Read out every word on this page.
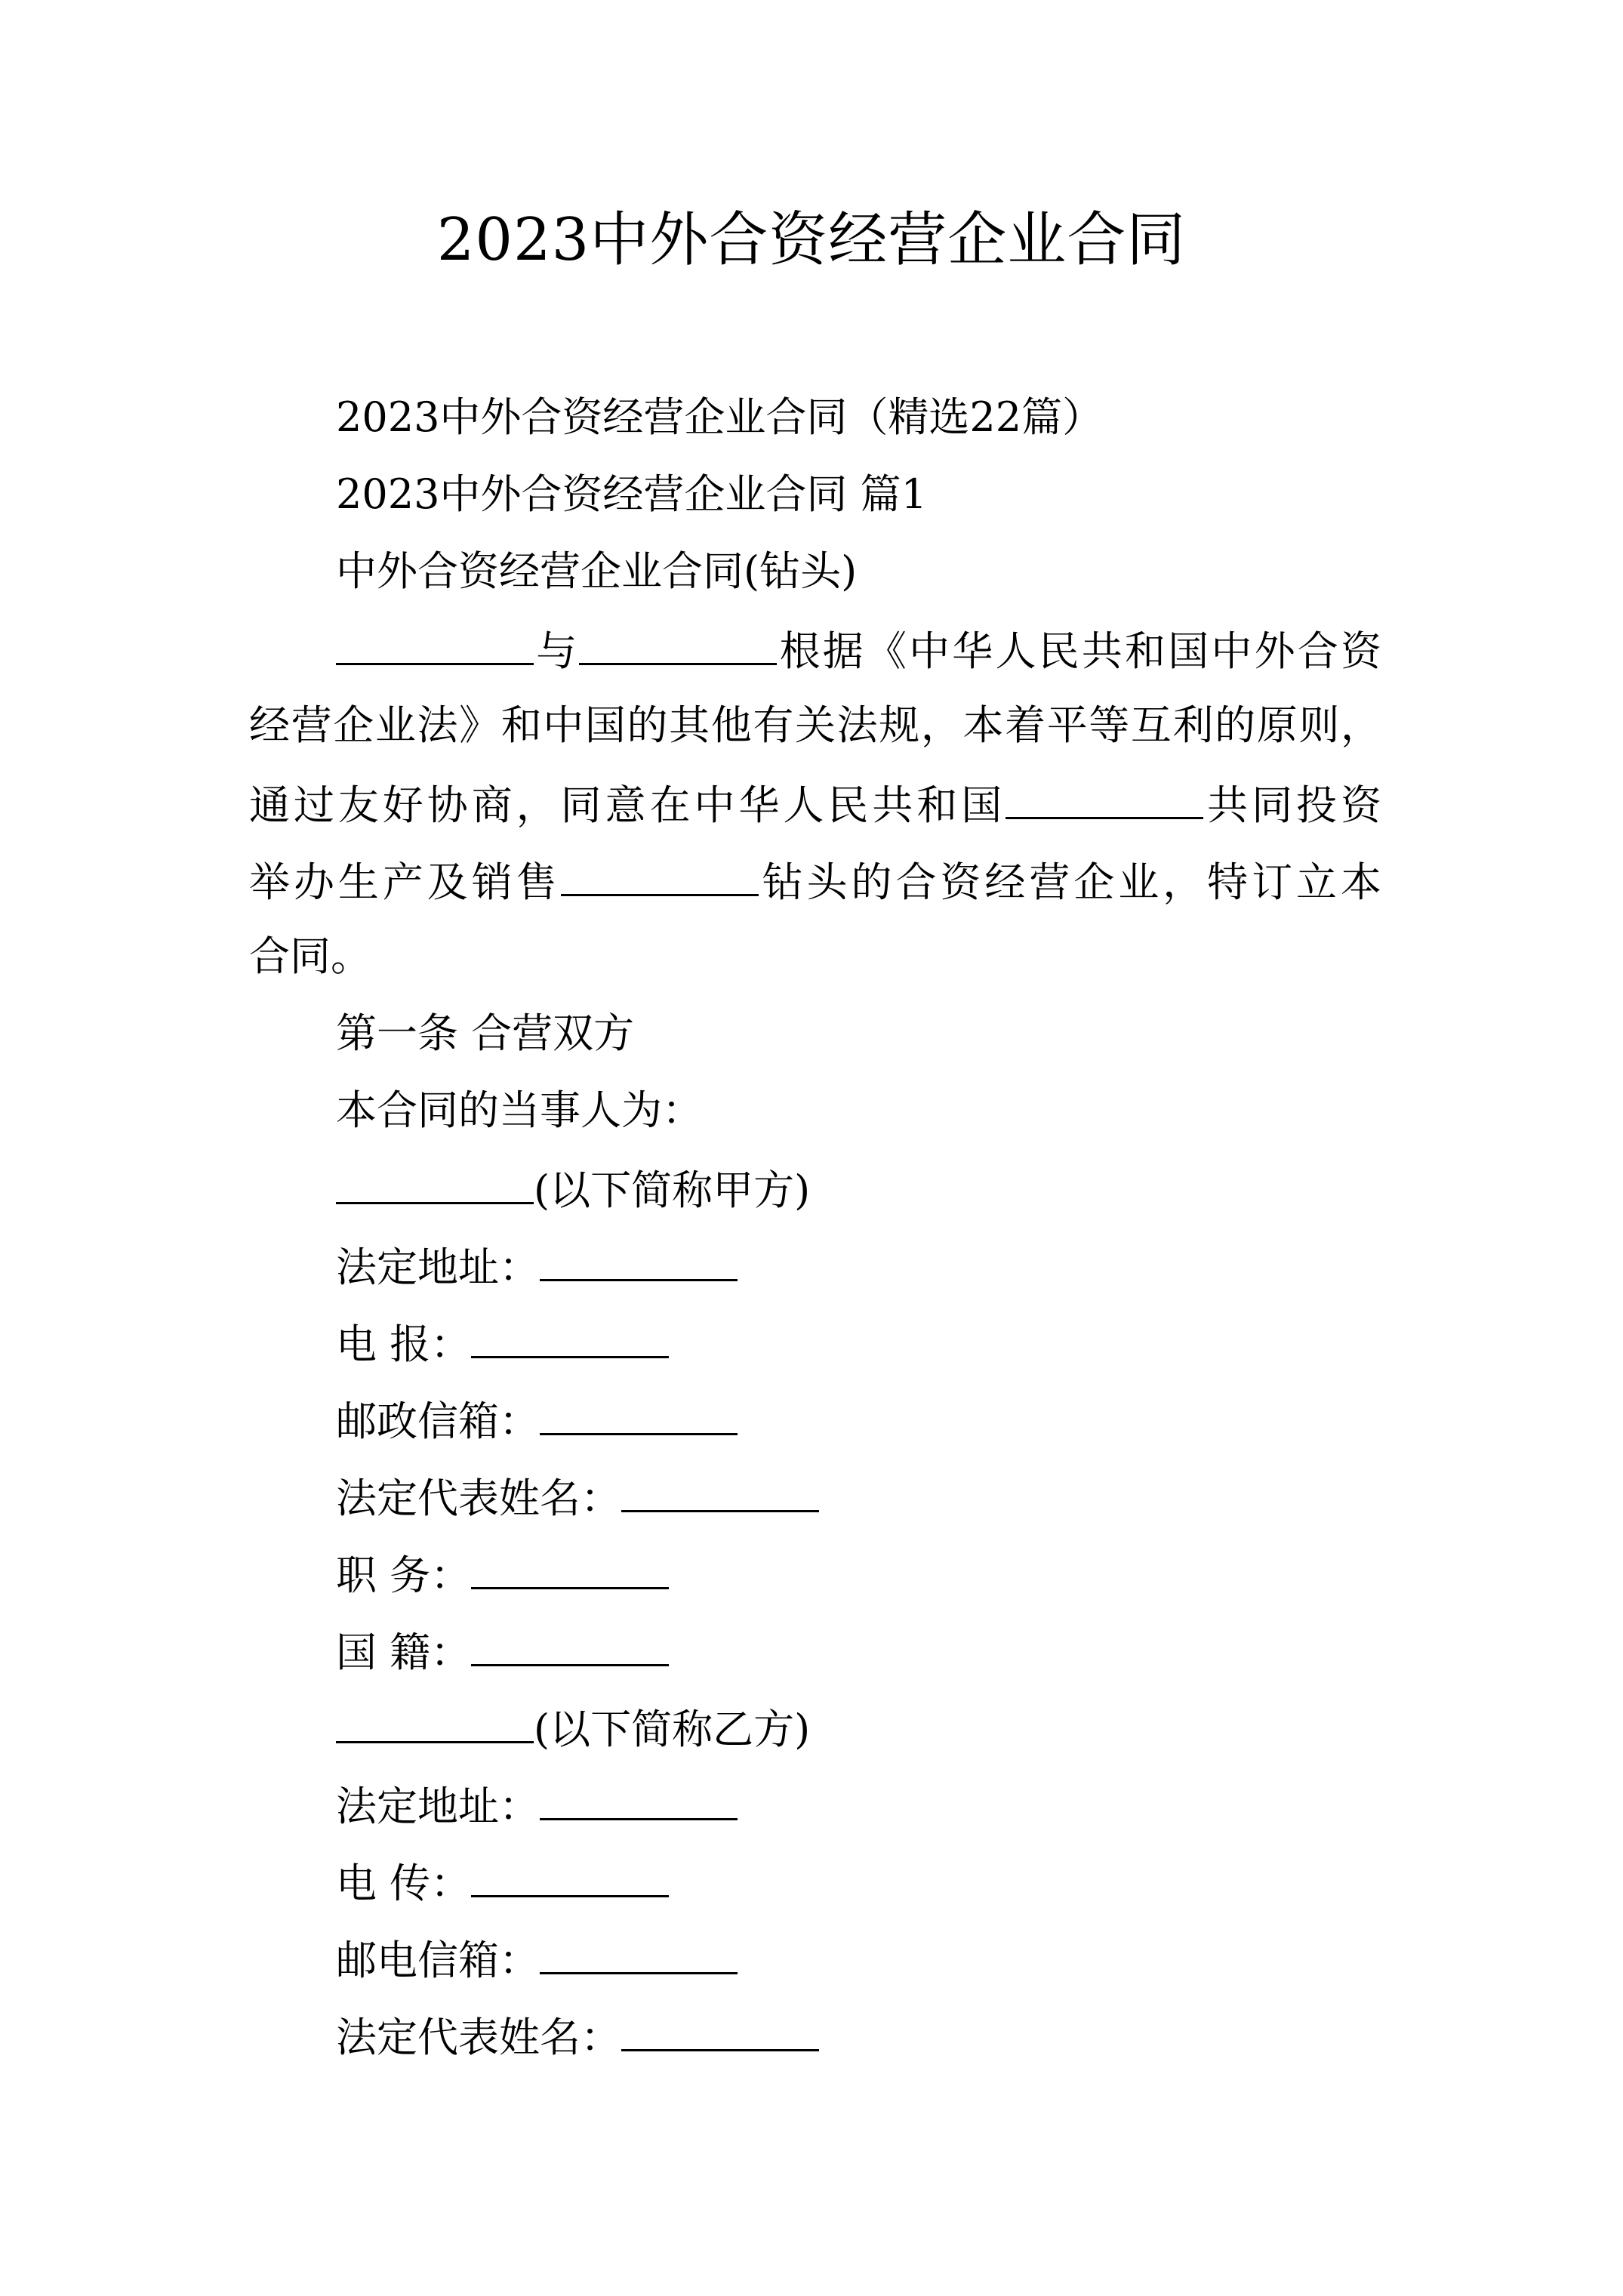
2023中外合资经营企业合同

2023中外合资经营企业合同（精选22篇）

2023中外合资经营企业合同 篇1

中外合资经营企业合同(钻头)

与	根据《中华人民共和国中外合资

经营企业法》和中国的其他有关法规，本着平等互利的原则，

通过友好协商，同意在中华人民共和国	共同投资

举办生产及销售	钻头的合资经营企业，特订立本

合同。

第一条 合营双方

本合同的当事人为：

(以下简称甲方)

法定地址：

电 报：

邮政信箱：

法定代表姓名：

职 务：

国 籍：

(以下简称乙方)

法定地址：

电 传：

邮电信箱：

法定代表姓名：
